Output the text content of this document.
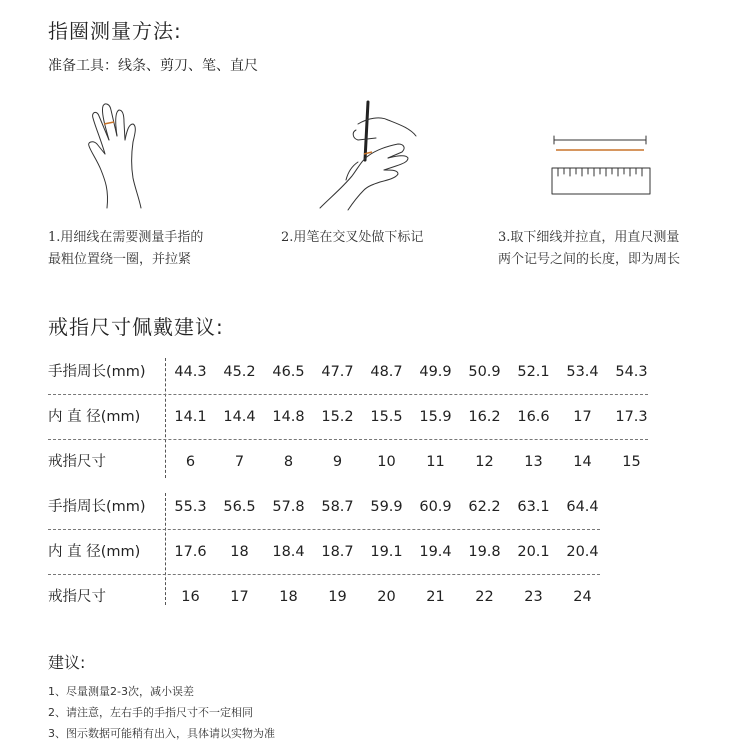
指圈测量方法:
准备工具：线条、剪刀、笔、直尺
1.用细线在需要测量手指的
最粗位置绕一圈，并拉紧
2.用笔在交叉处做下标记	3.取下细线并拉直，用直尺测量
两个记号之间的长度，即为周长
戒指尺寸佩戴建议:
手指周长(mm)	44.3	45.2	46.5	47.7	48.7	49.9	50.9	52.1	53.4	54.3
内 直 径(mm)	14.1	14.4	14.8	15.2	15.5	15.9	16.2	16.6	17	17.3
戒指尺寸	6	7	8	9	10	11	12	13	14	15
手指周长(mm)	55.3	56.5	57.8	58.7	59.9	60.9	62.2	63.1	64.4
内 直 径(mm)	17.6	18	18.4	18.7	19.1	19.4	19.8	20.1	20.4
戒指尺寸	16	17	18	19	20	21	22	23	24
建议:
1、尽量测量2-3次，减小误差
2、请注意，左右手的手指尺寸不一定相同
3、图示数据可能稍有出入，具体请以实物为准
